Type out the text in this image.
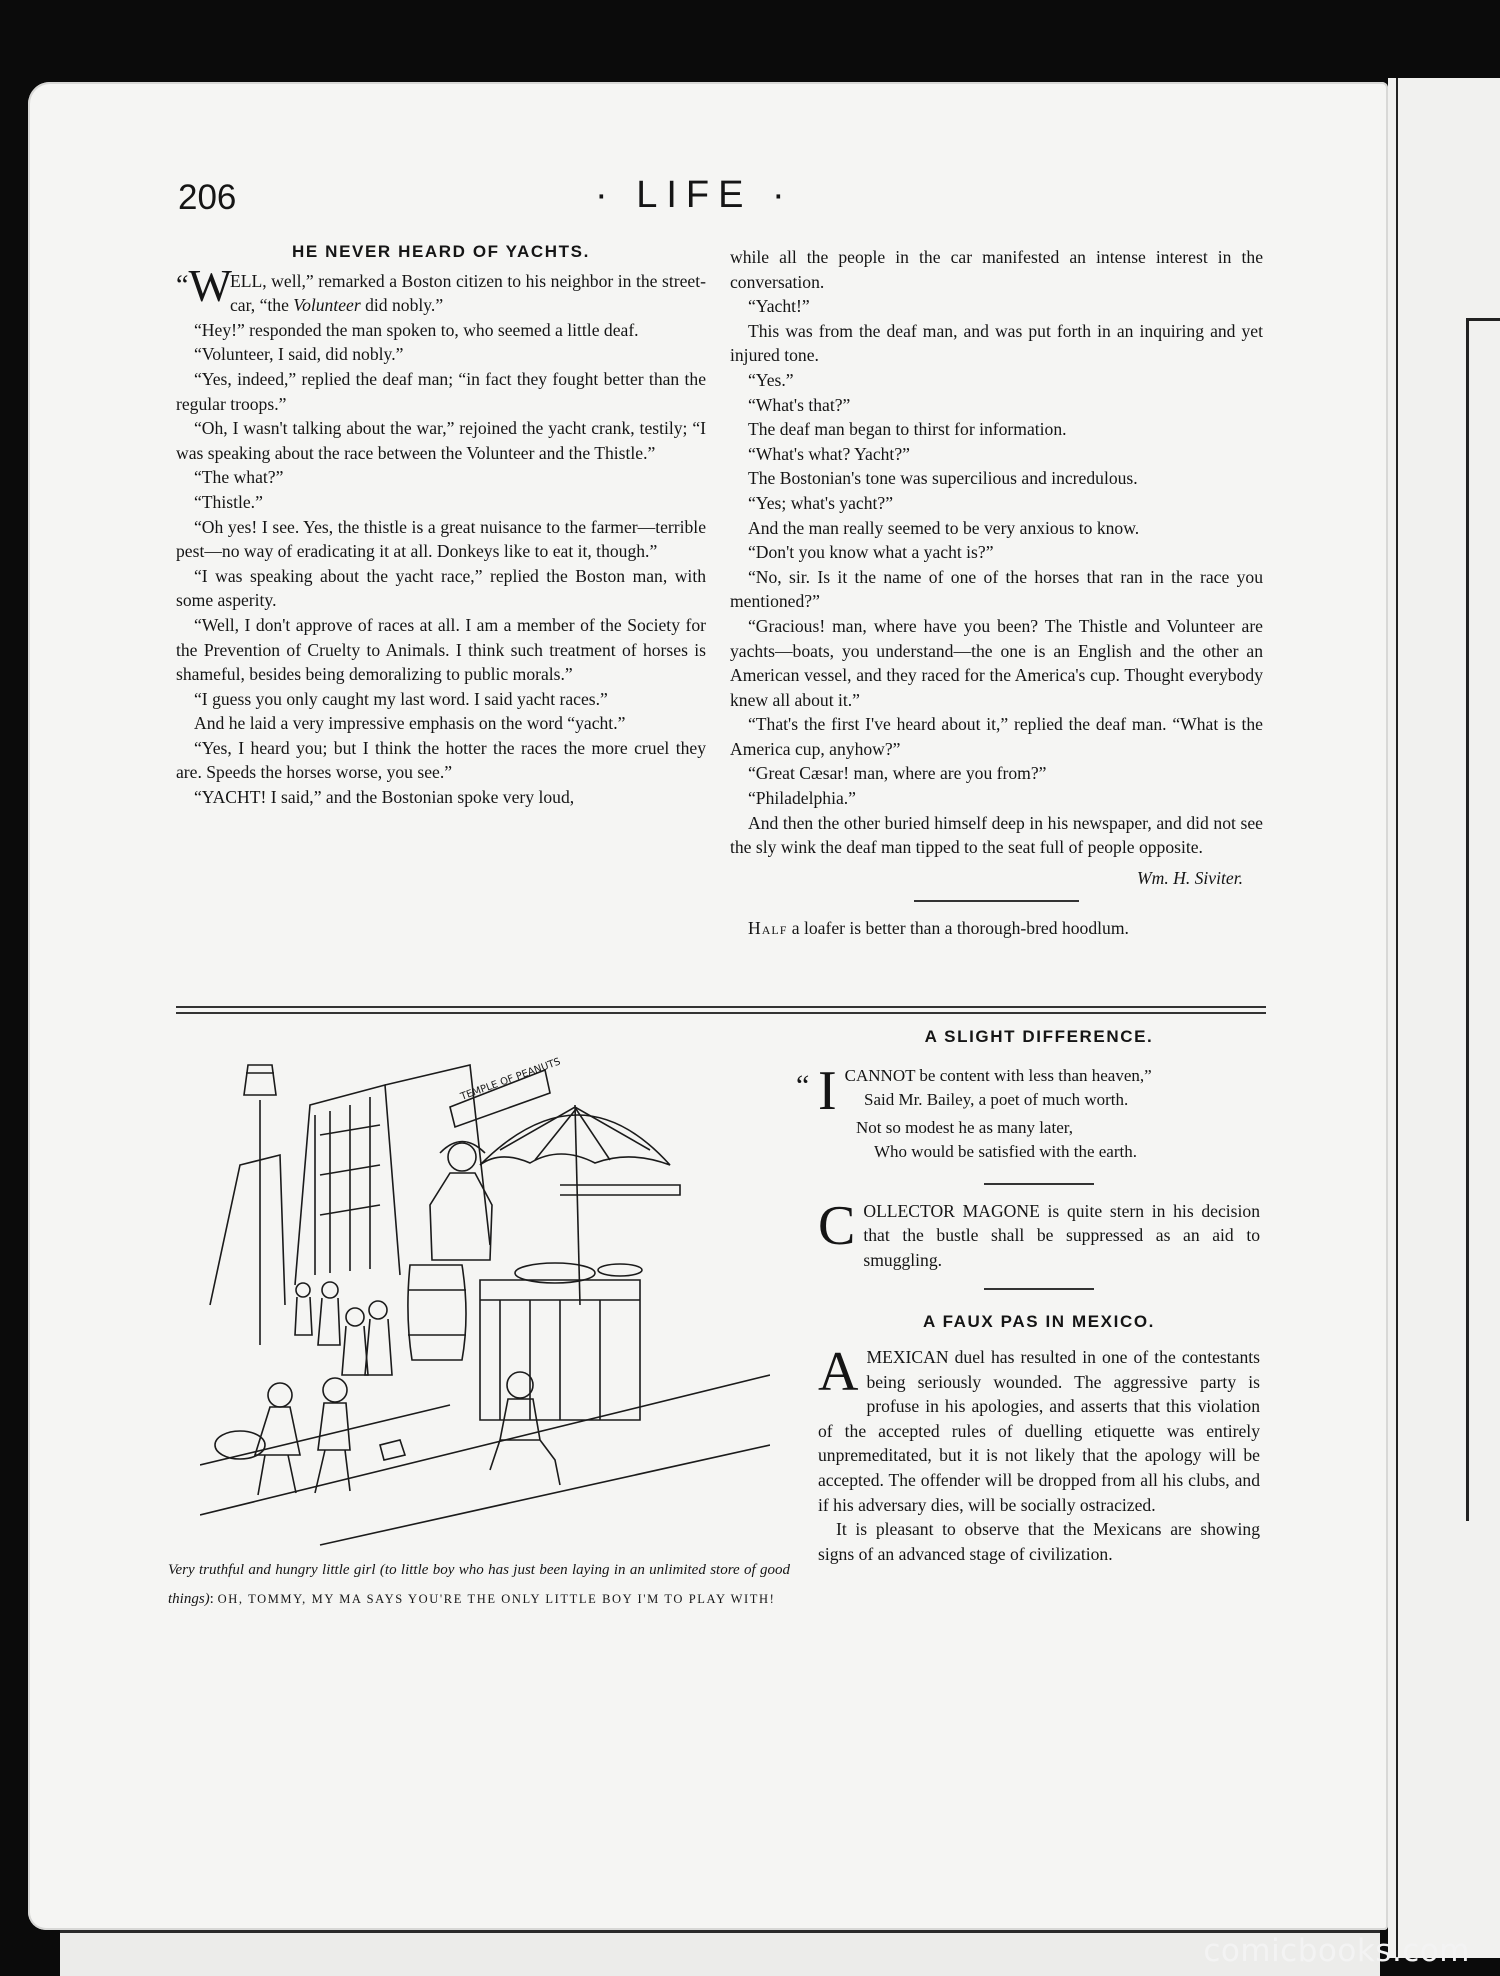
206	· LIFE ·
HE NEVER HEARD OF YACHTS.

“W
ELL, well,” remarked a Boston citizen to his neighbor in the street-car, “the Volunteer did nobly.”

“Hey!” responded the man spoken to, who seemed a little deaf.

“Volunteer, I said, did nobly.”

“Yes, indeed,” replied the deaf man; “in fact they fought better than the regular troops.”

“Oh, I wasn't talking about the war,” rejoined the yacht crank, testily; “I was speaking about the race between the Volunteer and the Thistle.”

“The what?”

“Thistle.”

“Oh yes! I see. Yes, the thistle is a great nuisance to the farmer—terrible pest—no way of eradicating it at all. Donkeys like to eat it, though.”

“I was speaking about the yacht race,” replied the Boston man, with some asperity.

“Well, I don't approve of races at all. I am a member of the Society for the Prevention of Cruelty to Animals. I think such treatment of horses is shameful, besides being demoralizing to public morals.”

“I guess you only caught my last word. I said yacht races.”

And he laid a very impressive emphasis on the word “yacht.”

“Yes, I heard you; but I think the hotter the races the more cruel they are. Speeds the horses worse, you see.”

“YACHT! I said,” and the Bostonian spoke very loud,

while all the people in the car manifested an intense interest in the conversation.

“Yacht!”

This was from the deaf man, and was put forth in an inquiring and yet injured tone.

“Yes.”

“What's that?”

The deaf man began to thirst for information.

“What's what? Yacht?”

The Bostonian's tone was supercilious and incredulous.

“Yes; what's yacht?”

And the man really seemed to be very anxious to know.

“Don't you know what a yacht is?”

“No, sir. Is it the name of one of the horses that ran in the race you mentioned?”

“Gracious! man, where have you been? The Thistle and Volunteer are yachts—boats, you understand—the one is an English and the other an American vessel, and they raced for the America's cup. Thought everybody knew all about it.”

“That's the first I've heard about it,” replied the deaf man. “What is the America cup, anyhow?”

“Great Cæsar! man, where are you from?”

“Philadelphia.”

And then the other buried himself deep in his newspaper, and did not see the sly wink the deaf man tipped to the seat full of people opposite.

Wm. H. Siviter.

Half a loafer is better than a thorough-bred hoodlum.

TEMPLE OF PEANUTS
Very truthful and hungry little girl (to little boy who has just been laying in an unlimited store of good things): OH, TOMMY, MY MA SAYS YOU'RE THE ONLY LITTLE BOY I'M TO PLAY WITH!
A SLIGHT DIFFERENCE.
“ I CANNOT be content with less than heaven,”
Said Mr. Bailey, a poet of much worth.
Not so modest he as many later,
Who would be satisfied with the earth.

COLLECTOR MAGONE is quite stern in his decision that the bustle shall be suppressed as an aid to smuggling.

A FAUX PAS IN MEXICO.

AMEXICAN duel has resulted in one of the contestants being seriously wounded. The aggressive party is profuse in his apologies, and asserts that this violation of the accepted rules of duelling etiquette was entirely unpremeditated, but it is not likely that the apology will be accepted. The offender will be dropped from all his clubs, and if his adversary dies, will be socially ostracized.

It is pleasant to observe that the Mexicans are showing signs of an advanced stage of civilization.

comicbooks.com
